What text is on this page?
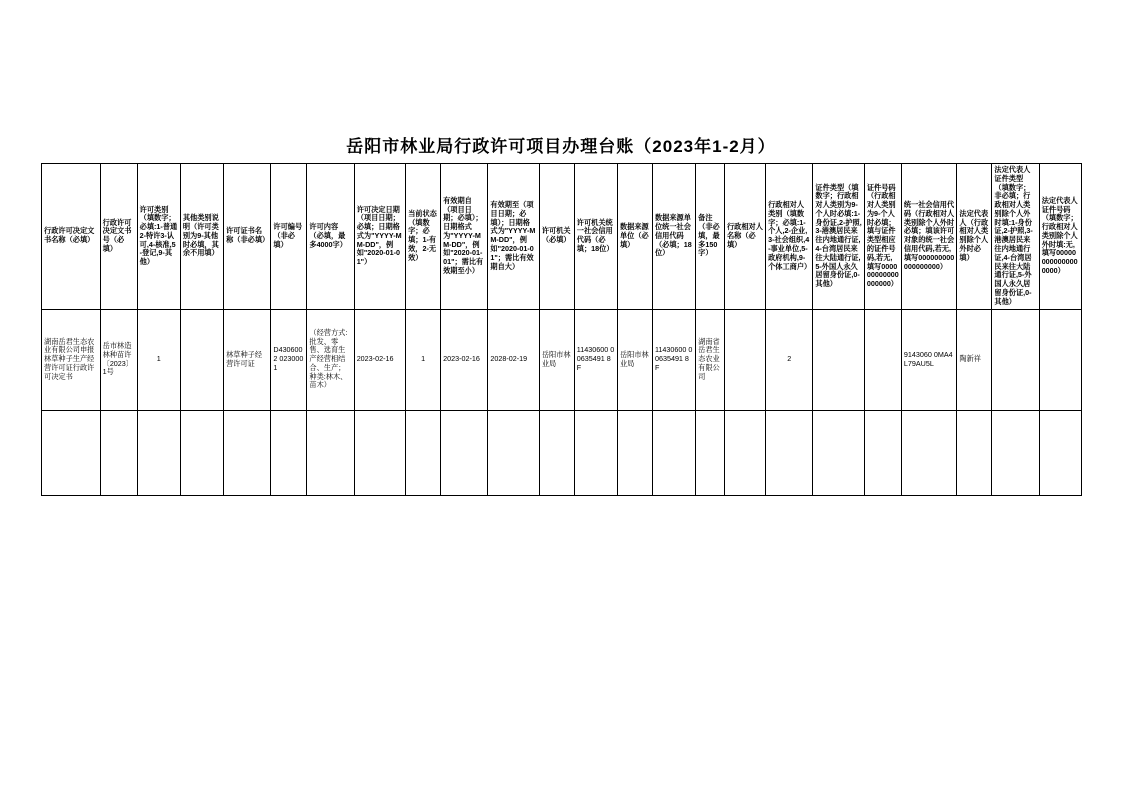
岳阳市林业局行政许可项目办理台账（2023年1-2月）
行政许可决定文书名称（必填）	行政许可决定文书号（必填）	许可类别（填数字；必填:1-普通2-特许3-认可,4-核准,5-登记,9-其他）	其他类别说明（许可类别为9-其他时必填，其余不用填）	许可证书名称（非必填）	许可编号（非必填）	许可内容（必填，最多4000字）	许可决定日期（项目日期；必填；日期格式为"YYYY-MM-DD"，例如"2020-01-01"）	当前状态（填数字；必填；1-有效，2-无效）	有效期自（项目日期；必填）；日期格式为"YYYY-MM-DD"，例如"2020-01-01"；需比有效期至小）	有效期至（项目日期；必填）；日期格式为"YYYY-MM-DD"，例如"2020-01-01"；需比有效期自大）	许可机关（必填）	许可机关统一社会信用代码（必填；18位）	数据来源单位（必填）	数据来源单位统一社会信用代码（必填；18位）	备注（非必填，最多150字）	行政相对人名称（必填）	行政相对人类别（填数字；必填:1-个人,2-企业,3-社会组织,4-事业单位,5-政府机构,9-个体工商户）	证件类型（填数字；行政相对人类别为9-个人时必填:1-身份证,2-护照,3-港澳居民来往内地通行证,4-台湾居民来往大陆通行证,5-外国人永久居留身份证,0-其他）	证件号码（行政相对人类别为9-个人时必填；填与证件类型相应的证件号码,若无,填写000000000000000000）	统一社会信用代码（行政相对人类别除个人外时必填；填该许可对象的统一社会信用代码,若无,填写000000000000000000）	法定代表人（行政相对人类别除个人外时必填）	法定代表人证件类型（填数字；非必填；行政相对人类别除个人外时填:1-身份证,2-护照,3-港澳居民来往内地通行证,4-台湾居民来往大陆通行证,5-外国人永久居留身份证,0-其他）	法定代表人证件号码（填数字；行政相对人类别除个人外时填:无,填写000000000000000000）
湖南岳君生态农业有限公司申报林草种子生产经营许可证行政许可决定书	岳市林造林种苗许〔2023〕1号	1		林草种子经营许可证	D4306002 0230001	（经营方式:批发、零售、选育生产经营相结合、生产；种类:林木、苗木）	2023-02-16	1	2023-02-16	2028-02-19	岳阳市林业局	11430600 00635491 8F	岳阳市林业局	11430600 00635491 8F	湖南省岳君生态农业有限公司		2			9143060 0MA4L79AU5L	陶新祥		
